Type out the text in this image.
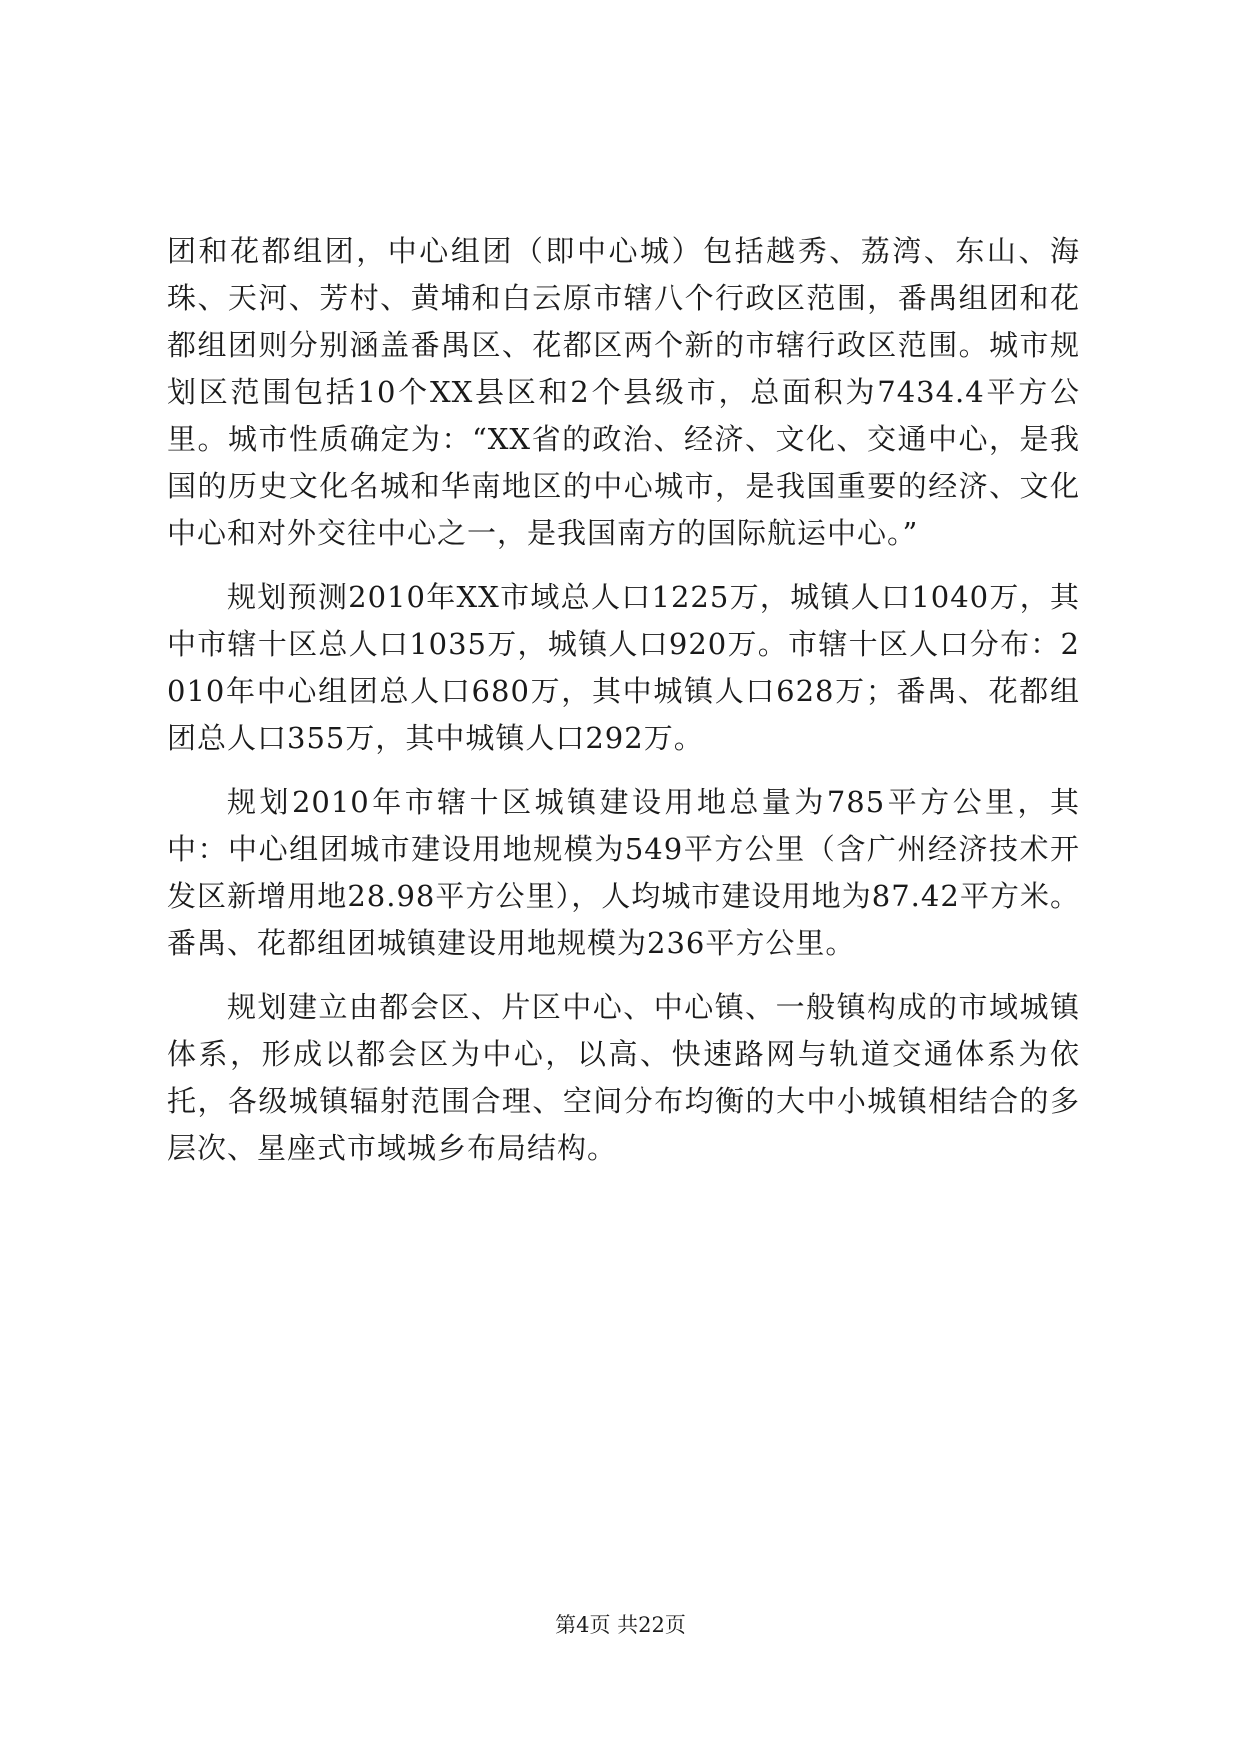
团和花都组团，中心组团（即中心城）包括越秀、荔湾、东山、海珠、天河、芳村、黄埔和白云原市辖八个行政区范围，番禺组团和花都组团则分别涵盖番禺区、花都区两个新的市辖行政区范围。城市规划区范围包括10个XX县区和2个县级市，总面积为7434.4平方公里。城市性质确定为：“XX省的政治、经济、文化、交通中心，是我国的历史文化名城和华南地区的中心城市，是我国重要的经济、文化中心和对外交往中心之一，是我国南方的国际航运中心。”

规划预测2010年XX市域总人口1225万，城镇人口1040万，其中市辖十区总人口1035万，城镇人口920万。市辖十区人口分布：2010年中心组团总人口680万，其中城镇人口628万；番禺、花都组团总人口355万，其中城镇人口292万。

规划2010年市辖十区城镇建设用地总量为785平方公里，其中：中心组团城市建设用地规模为549平方公里（含广州经济技术开发区新增用地28.98平方公里），人均城市建设用地为87.42平方米。番禺、花都组团城镇建设用地规模为236平方公里。

规划建立由都会区、片区中心、中心镇、一般镇构成的市域城镇体系，形成以都会区为中心，以高、快速路网与轨道交通体系为依托，各级城镇辐射范围合理、空间分布均衡的大中小城镇相结合的多层次、星座式市域城乡布局结构。

第4页 共22页
